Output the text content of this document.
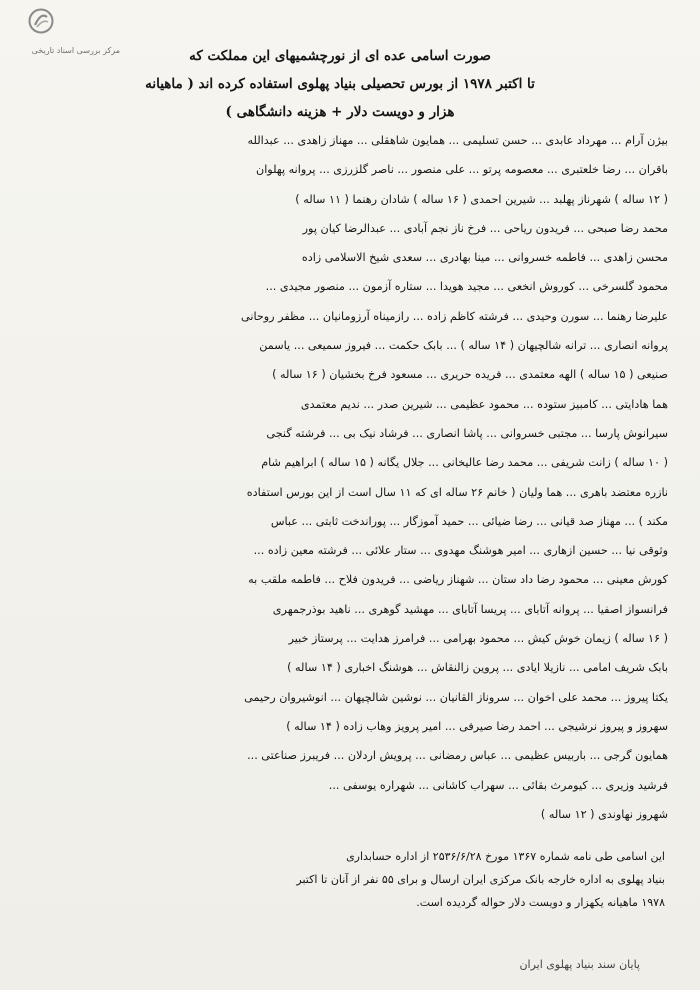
مرکز بررسی اسناد تاریخی	صورت اسامی عده ای از نورچشمیهای این مملکت که
تا اکتبر ۱۹۷۸ از بورس تحصیلی بنیاد پهلوی استفاده کرده اند ( ماهیانه
هزار و دویست دلار + هزینه دانشگاهی )
بیژن آرام ... مهرداد عابدی ... حسن تسلیمی ... همایون شاهقلی ... مهناز زاهدی ... عبدالله
باقران ... رضا خلعتبری ... معصومه پرتو ... علی منصور ... ناصر گلزرزی ... پروانه پهلوان
( ۱۲ ساله ) شهرناز پهلبد ... شیرین احمدی ( ۱۶ ساله ) شادان رهنما ( ۱۱ ساله )
محمد رضا صبحی ... فریدون ریاحی ... فرخ ناز نجم آبادی ... عبدالرضا کیان پور
محسن زاهدی ... فاطمه خسروانی ... مینا بهادری ... سعدی شیخ الاسلامی زاده
محمود گلسرخی ... کوروش انخعی ... مجید هویدا ... ستاره آزمون ... منصور مجیدی ...
علیرضا رهنما ... سورن وحیدی ... فرشته کاظم زاده ... رازمیناه آرزومانیان ... مظفر روحانی
پروانه انصاری ... ترانه شالچیهان ( ۱۴ ساله ) ... بابک حکمت ... فیروز سمیعی ... یاسمن
صنیعی ( ۱۵ ساله ) الهه معتمدی ... فریده حریری ... مسعود فرخ بخشیان ( ۱۶ ساله )
هما هادایتی ... کامبیز ستوده ... محمود عظیمی ... شیرین صدر ... ندیم معتمدی
سیرانوش پارسا ... مجتبی خسروانی ... پاشا انصاری ... فرشاد نیک بی ... فرشته گنجی
( ۱۰ ساله ) زانت شریفی ... محمد رضا عالیخانی ... جلال یگانه ( ۱۵ ساله ) ابراهیم شام
نازره معتضد باهری ... هما ولیان ( خانم ۲۶ ساله ای که ۱۱ سال است از این بورس استفاده
مکند ) ... مهناز صد قیانی ... رضا ضیائی ... حمید آموزگار ... پوراندخت ثابتی ... عباس
وثوقی نیا ... حسین ازهاری ... امیر هوشنگ مهدوی ... ستار علائی ... فرشته معین زاده ...
کورش معینی ... محمود رضا داد ستان ... شهناز ریاضی ... فریدون فلاح ... فاطمه ملقب به
فرانسواز اصفیا ... پروانه آتابای ... پریسا آتابای ... مهشید گوهری ... ناهید بوذرجمهری
( ۱۶ ساله ) زیمان خوش کیش ... محمود بهرامی ... فرامرز هدایت ... پرستاز خبیر
بابک شریف امامی ... نازیلا ایادی ... پروین زالنقاش ... هوشنگ اخباری ( ۱۴ ساله )
یکتا پیروز ... محمد علی اخوان ... سروناز القانیان ... نوشین شالچیهان ... انوشیروان رحیمی
سهروز و پیروز نرشیجی ... احمد رضا صیرفی ... امیر پرویز وهاب زاده ( ۱۴ ساله )
همایون گرجی ... باربیس عظیمی ... عباس رمضانی ... پرویش اردلان ... فریبرز صناعتی ...
فرشید وزیری ... کیومرث بقائی ... سهراب کاشانی ... شهراره یوسفی ...
شهروز نهاوندی ( ۱۲ ساله )
این اسامی طی نامه شماره ۱۳۶۷ مورخ ۲۵۳۶/۶/۲۸ از اداره حسابداری
بنیاد پهلوی به اداره خارجه بانک مرکزی ایران ارسال و برای ۵۵ نفر از آنان تا اکتبر
۱۹۷۸ ماهیانه یکهزار و دویست دلار حواله گردیده است.
پایان سند بنیاد پهلوی ایران
